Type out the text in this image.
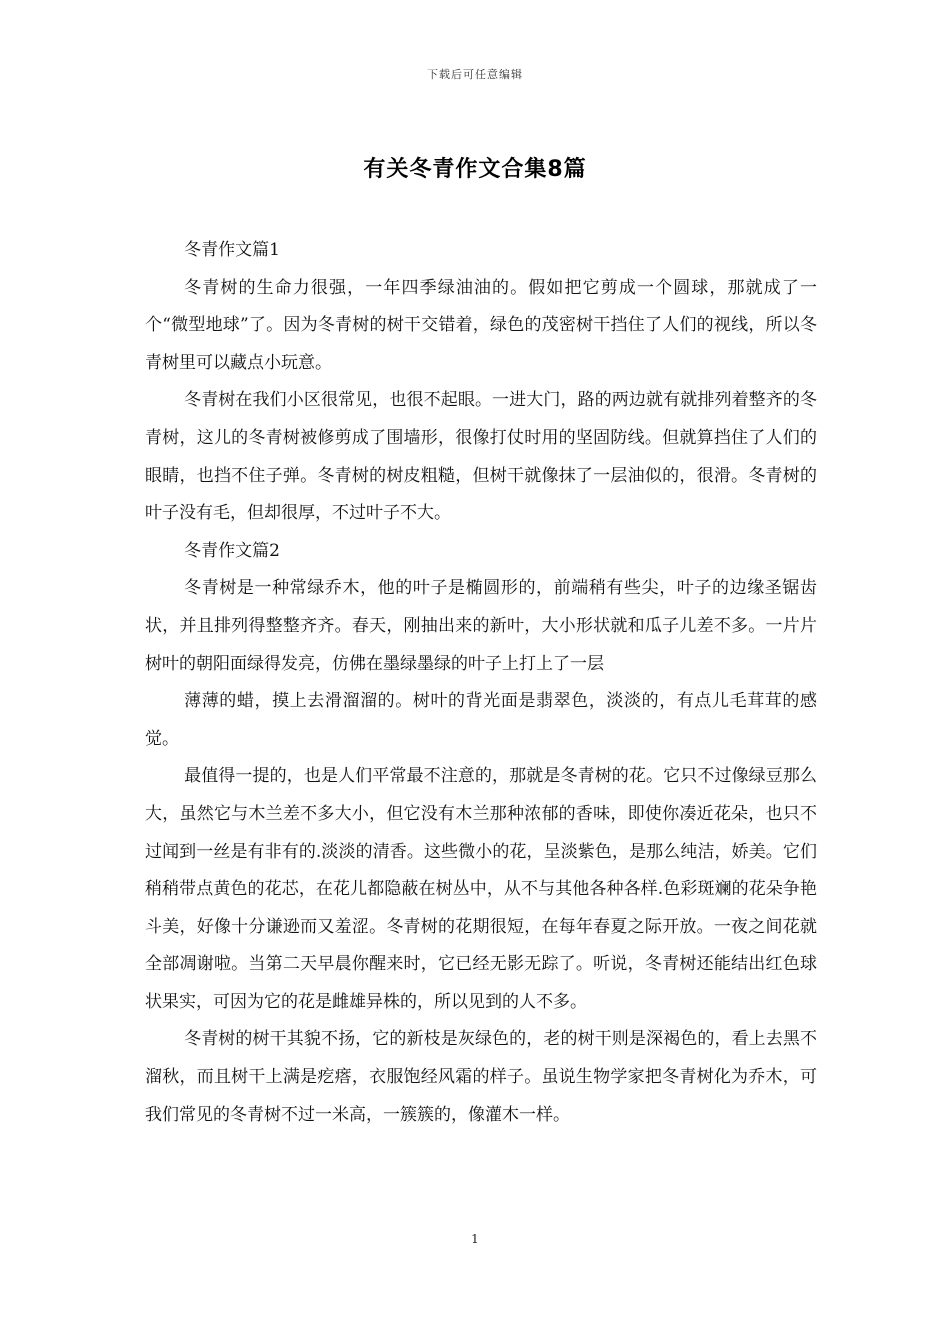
下载后可任意编辑
有关冬青作文合集8篇

冬青作文篇1

冬青树的生命力很强，一年四季绿油油的。假如把它剪成一个圆球，那就成了一个“微型地球”了。因为冬青树的树干交错着，绿色的茂密树干挡住了人们的视线，所以冬青树里可以藏点小玩意。

冬青树在我们小区很常见，也很不起眼。一进大门，路的两边就有就排列着整齐的冬青树，这儿的冬青树被修剪成了围墙形，很像打仗时用的坚固防线。但就算挡住了人们的眼睛，也挡不住子弹。冬青树的树皮粗糙，但树干就像抹了一层油似的，很滑。冬青树的叶子没有毛，但却很厚，不过叶子不大。

冬青作文篇2

冬青树是一种常绿乔木，他的叶子是椭圆形的，前端稍有些尖，叶子的边缘圣锯齿状，并且排列得整整齐齐。春天，刚抽出来的新叶，大小形状就和瓜子儿差不多。一片片树叶的朝阳面绿得发亮，仿佛在墨绿墨绿的叶子上打上了一层

薄薄的蜡，摸上去滑溜溜的。树叶的背光面是翡翠色，淡淡的，有点儿毛茸茸的感觉。

最值得一提的，也是人们平常最不注意的，那就是冬青树的花。它只不过像绿豆那么大，虽然它与木兰差不多大小，但它没有木兰那种浓郁的香味，即使你凑近花朵，也只不过闻到一丝是有非有的.淡淡的清香。这些微小的花，呈淡紫色，是那么纯洁，娇美。它们稍稍带点黄色的花芯，在花儿都隐蔽在树丛中，从不与其他各种各样.色彩斑斓的花朵争艳斗美，好像十分谦逊而又羞涩。冬青树的花期很短，在每年春夏之际开放。一夜之间花就全部凋谢啦。当第二天早晨你醒来时，它已经无影无踪了。听说，冬青树还能结出红色球状果实，可因为它的花是雌雄异株的，所以见到的人不多。

冬青树的树干其貌不扬，它的新枝是灰绿色的，老的树干则是深褐色的，看上去黑不溜秋，而且树干上满是疙瘩，衣服饱经风霜的样子。虽说生物学家把冬青树化为乔木，可我们常见的冬青树不过一米高，一簇簇的，像灌木一样。

1
